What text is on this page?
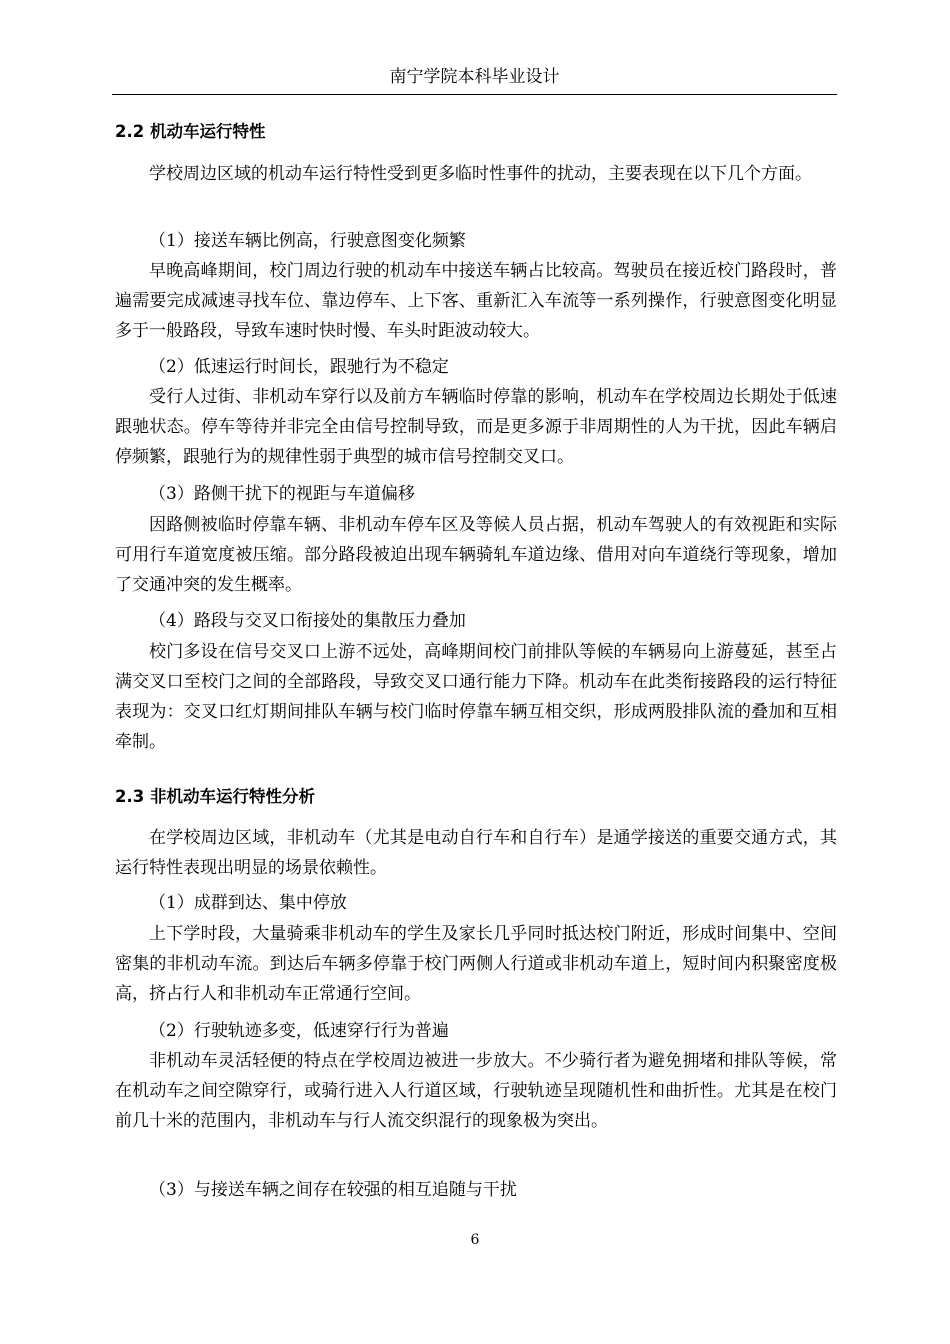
南宁学院本科毕业设计
2.2 机动车运行特性
学校周边区域的机动车运行特性受到更多临时性事件的扰动，主要表现在以下几个方面。
（1）接送车辆比例高，行驶意图变化频繁
早晚高峰期间，校门周边行驶的机动车中接送车辆占比较高。驾驶员在接近校门路段时，普遍需要完成减速寻找车位、靠边停车、上下客、重新汇入车流等一系列操作，行驶意图变化明显多于一般路段，导致车速时快时慢、车头时距波动较大。
（2）低速运行时间长，跟驰行为不稳定
受行人过街、非机动车穿行以及前方车辆临时停靠的影响，机动车在学校周边长期处于低速跟驰状态。停车等待并非完全由信号控制导致，而是更多源于非周期性的人为干扰，因此车辆启停频繁，跟驰行为的规律性弱于典型的城市信号控制交叉口。
（3）路侧干扰下的视距与车道偏移
因路侧被临时停靠车辆、非机动车停车区及等候人员占据，机动车驾驶人的有效视距和实际可用行车道宽度被压缩。部分路段被迫出现车辆骑轧车道边缘、借用对向车道绕行等现象，增加了交通冲突的发生概率。
（4）路段与交叉口衔接处的集散压力叠加
校门多设在信号交叉口上游不远处，高峰期间校门前排队等候的车辆易向上游蔓延，甚至占满交叉口至校门之间的全部路段，导致交叉口通行能力下降。机动车在此类衔接路段的运行特征表现为：交叉口红灯期间排队车辆与校门临时停靠车辆互相交织，形成两股排队流的叠加和互相牵制。
2.3 非机动车运行特性分析
在学校周边区域，非机动车（尤其是电动自行车和自行车）是通学接送的重要交通方式，其运行特性表现出明显的场景依赖性。
（1）成群到达、集中停放
上下学时段，大量骑乘非机动车的学生及家长几乎同时抵达校门附近，形成时间集中、空间密集的非机动车流。到达后车辆多停靠于校门两侧人行道或非机动车道上，短时间内积聚密度极高，挤占行人和非机动车正常通行空间。
（2）行驶轨迹多变，低速穿行行为普遍
非机动车灵活轻便的特点在学校周边被进一步放大。不少骑行者为避免拥堵和排队等候，常在机动车之间空隙穿行，或骑行进入人行道区域，行驶轨迹呈现随机性和曲折性。尤其是在校门前几十米的范围内，非机动车与行人流交织混行的现象极为突出。
（3）与接送车辆之间存在较强的相互追随与干扰
6
